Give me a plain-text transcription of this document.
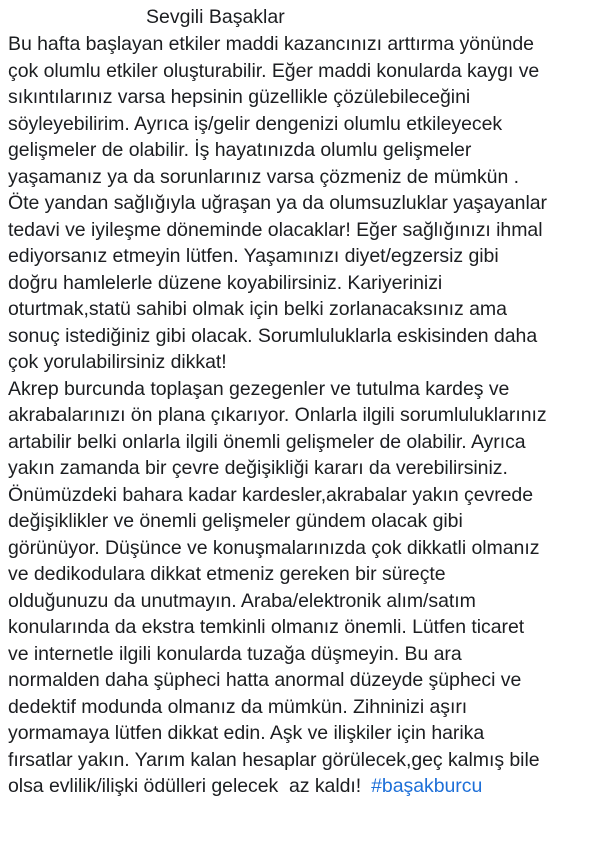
Sevgili Başaklar
Bu hafta başlayan etkiler maddi kazancınızı arttırma yönünde
çok olumlu etkiler oluşturabilir. Eğer maddi konularda kaygı ve
sıkıntılarınız varsa hepsinin güzellikle çözülebileceğini
söyleyebilirim. Ayrıca iş/gelir dengenizi olumlu etkileyecek
gelişmeler de olabilir. İş hayatınızda olumlu gelişmeler
yaşamanız ya da sorunlarınız varsa çözmeniz de mümkün .
Öte yandan sağlığıyla uğraşan ya da olumsuzluklar yaşayanlar
tedavi ve iyileşme döneminde olacaklar! Eğer sağlığınızı ihmal
ediyorsanız etmeyin lütfen. Yaşamınızı diyet/egzersiz gibi
doğru hamlelerle düzene koyabilirsiniz. Kariyerinizi
oturtmak,statü sahibi olmak için belki zorlanacaksınız ama
sonuç istediğiniz gibi olacak. Sorumluluklarla eskisinden daha
çok yorulabilirsiniz dikkat!
Akrep burcunda toplaşan gezegenler ve tutulma kardeş ve
akrabalarınızı ön plana çıkarıyor. Onlarla ilgili sorumluluklarınız
artabilir belki onlarla ilgili önemli gelişmeler de olabilir. Ayrıca
yakın zamanda bir çevre değişikliği kararı da verebilirsiniz.
Önümüzdeki bahara kadar kardesler,akrabalar yakın çevrede
değişiklikler ve önemli gelişmeler gündem olacak gibi
görünüyor. Düşünce ve konuşmalarınızda çok dikkatli olmanız
ve dedikodulara dikkat etmeniz gereken bir süreçte
olduğunuzu da unutmayın. Araba/elektronik alım/satım
konularında da ekstra temkinli olmanız önemli. Lütfen ticaret
ve internetle ilgili konularda tuzağa düşmeyin. Bu ara
normalden daha şüpheci hatta anormal düzeyde şüpheci ve
dedektif modunda olmanız da mümkün. Zihninizi aşırı
yormamaya lütfen dikkat edin. Aşk ve ilişkiler için harika
fırsatlar yakın. Yarım kalan hesaplar görülecek,geç kalmış bile
olsa evlilik/ilişki ödülleri gelecek  az kaldı! #başakburcu
